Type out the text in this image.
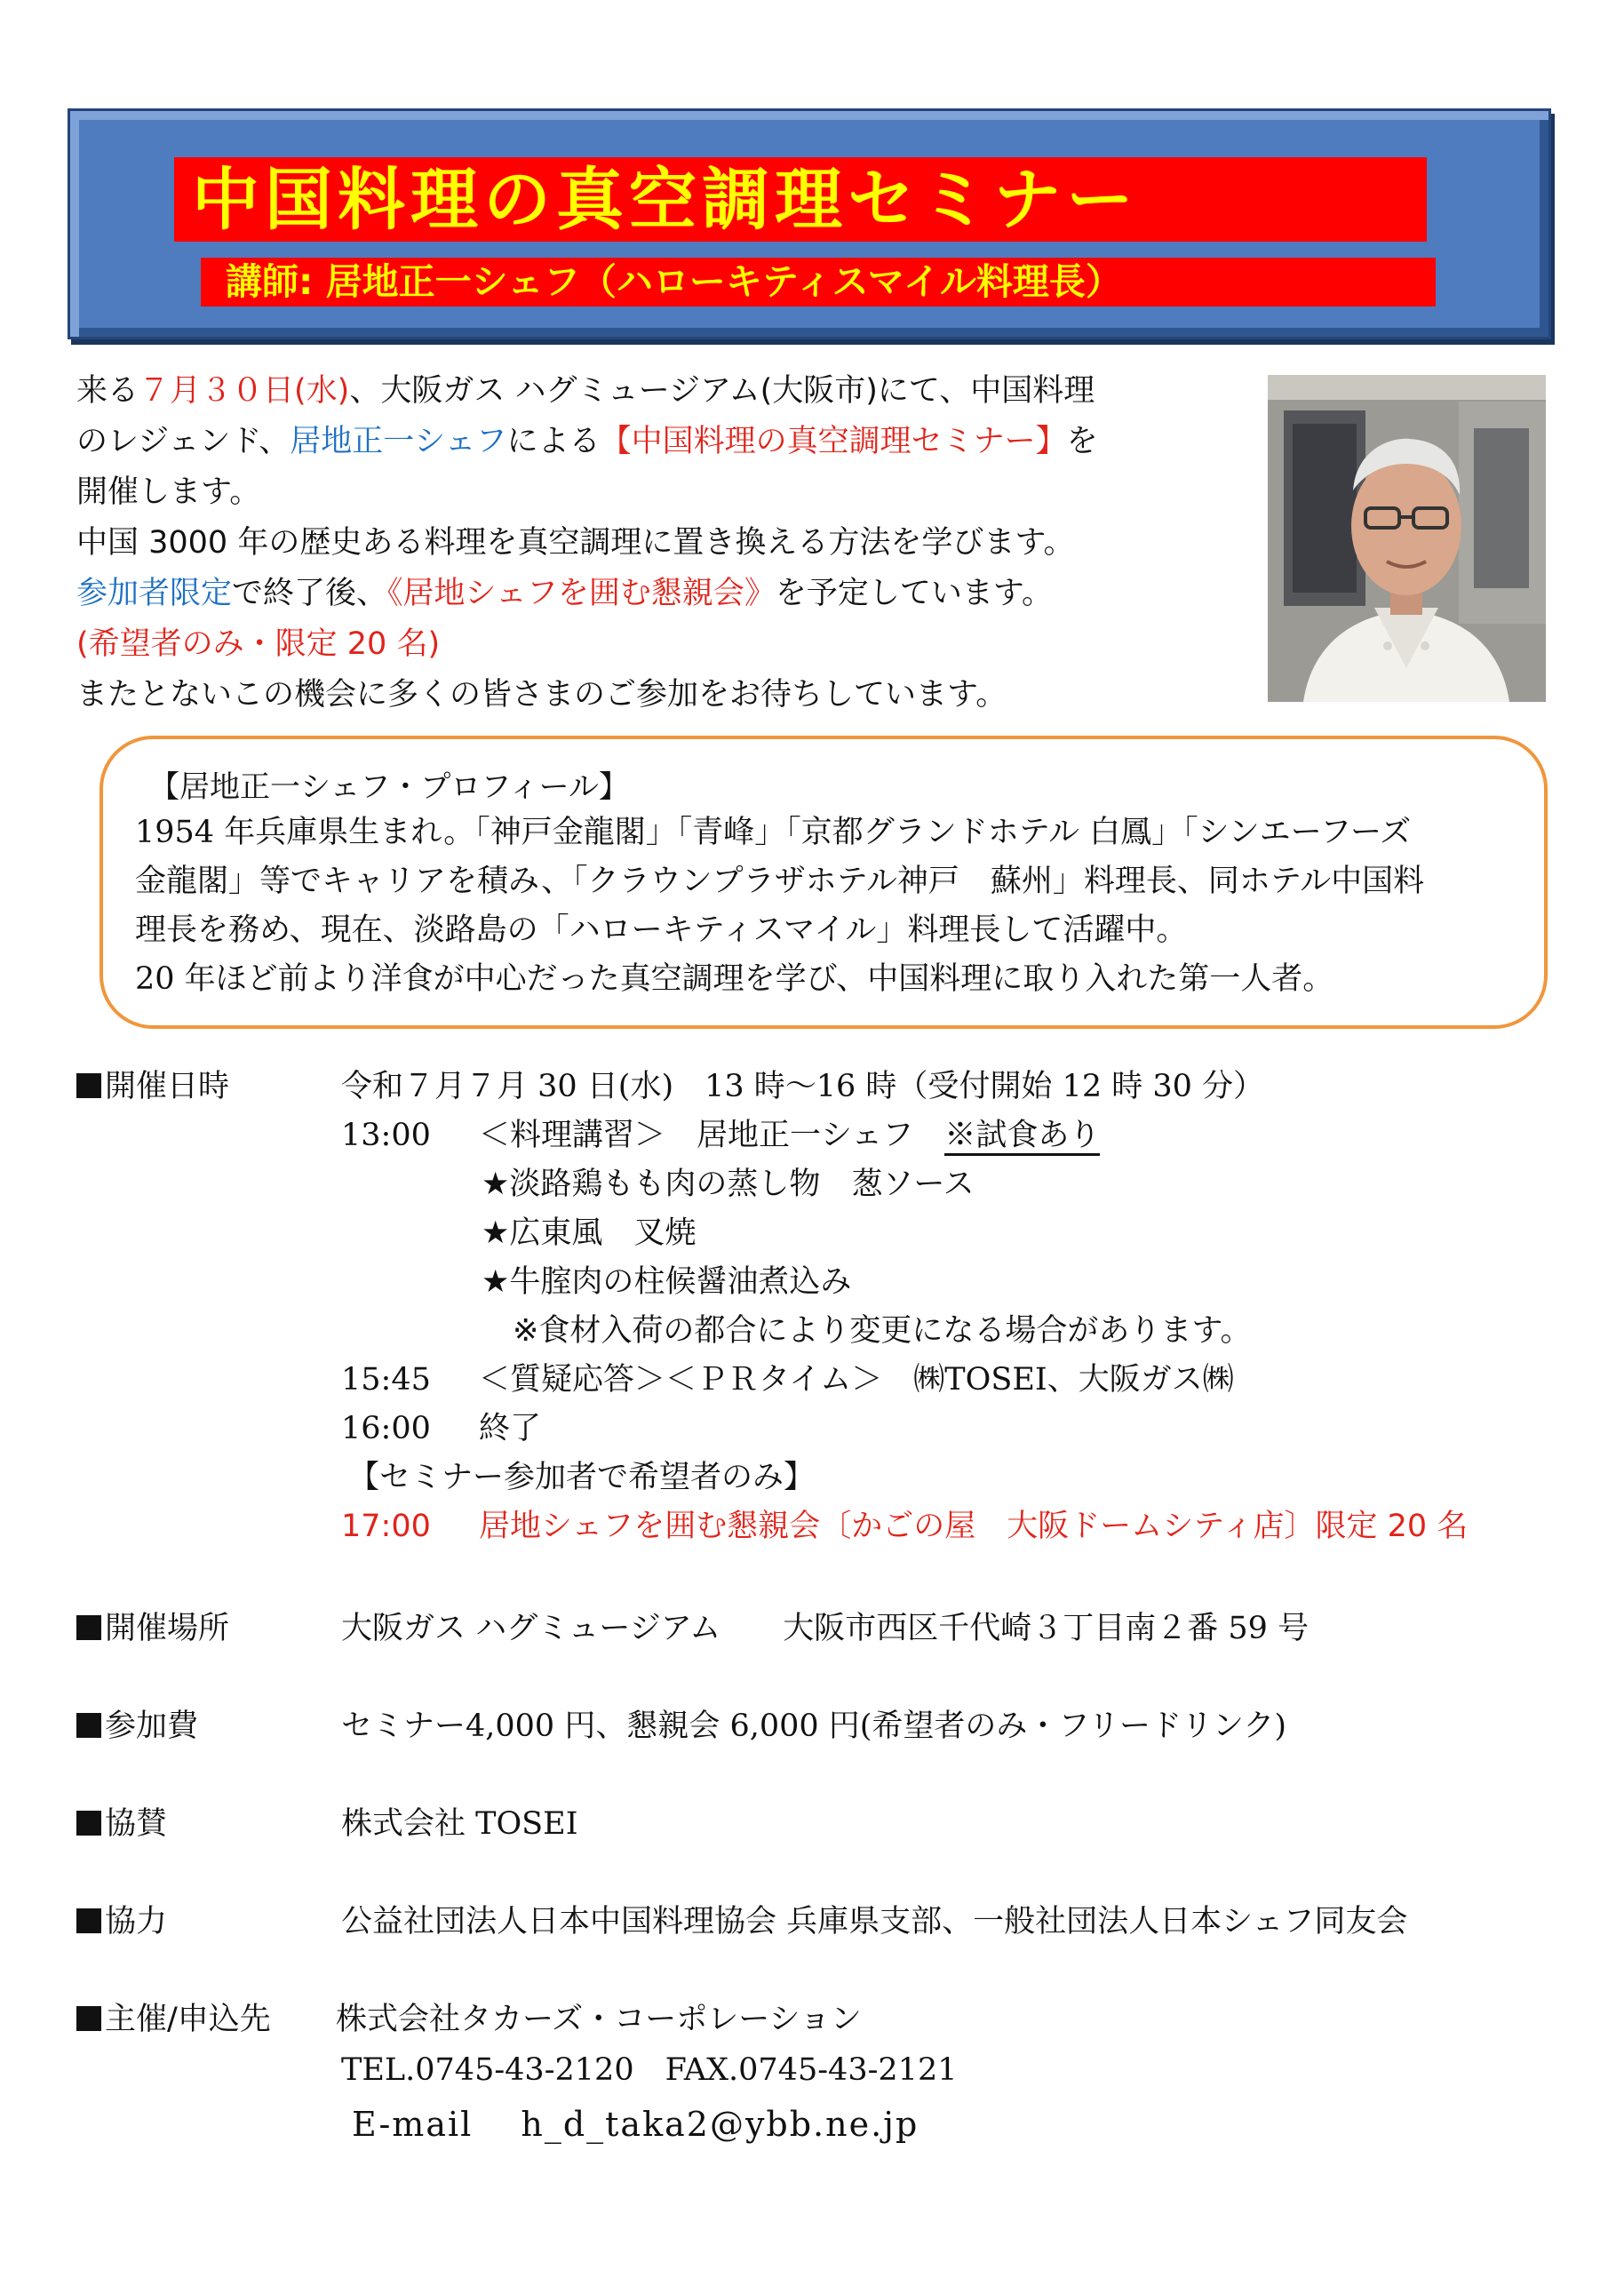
中国料理の真空調理セミナー
講師: 居地正一シェフ（ハローキティスマイル料理長）
来る７月３０日(水)、大阪ガス ハグミュージアム(大阪市)にて、中国料理
のレジェンド、居地正一シェフによる【中国料理の真空調理セミナー】を
開催します。
中国 3000 年の歴史ある料理を真空調理に置き換える方法を学びます。
参加者限定で終了後、《居地シェフを囲む懇親会》を予定しています。
(希望者のみ・限定 20 名)
またとないこの機会に多くの皆さまのご参加をお待ちしています。
【居地正一シェフ・プロフィール】
1954 年兵庫県生まれ。「神戸金龍閣」「青峰」「京都グランドホテル 白鳳」「シンエーフーズ
金龍閣」等でキャリアを積み、「クラウンプラザホテル神戸　蘇州」料理長、同ホテル中国料
理長を務め、現在、淡路島の「ハローキティスマイル」料理長して活躍中。
20 年ほど前より洋食が中心だった真空調理を学び、中国料理に取り入れた第一人者。
開催日時	令和７月７月 30 日(水)　13 時～16 時（受付開始 12 時 30 分）
13:00 ＜料理講習＞　居地正一シェフ　※試食あり
★淡路鶏もも肉の蒸し物　葱ソース
★広東風　叉焼
★牛腟肉の柱候醤油煮込み
　※食材入荷の都合により変更になる場合があります。
15:45 ＜質疑応答＞＜ＰＲタイム＞　㈱TOSEI、大阪ガス㈱
16:00 終了
【セミナー参加者で希望者のみ】
17:00 居地シェフを囲む懇親会〔かごの屋　大阪ドームシティ店〕限定 20 名
開催場所	大阪ガス ハグミュージアム　　大阪市西区千代崎３丁目南２番 59 号
参加費	セミナー4,000 円、懇親会 6,000 円(希望者のみ・フリードリンク)
協賛	株式会社 TOSEI
協力	公益社団法人日本中国料理協会 兵庫県支部、一般社団法人日本シェフ同友会
主催/申込先 株式会社タカーズ・コーポレーション
TEL.0745-43-2120　FAX.0745-43-2121
E-mail　 h_d_taka2@ybb.ne.jp
